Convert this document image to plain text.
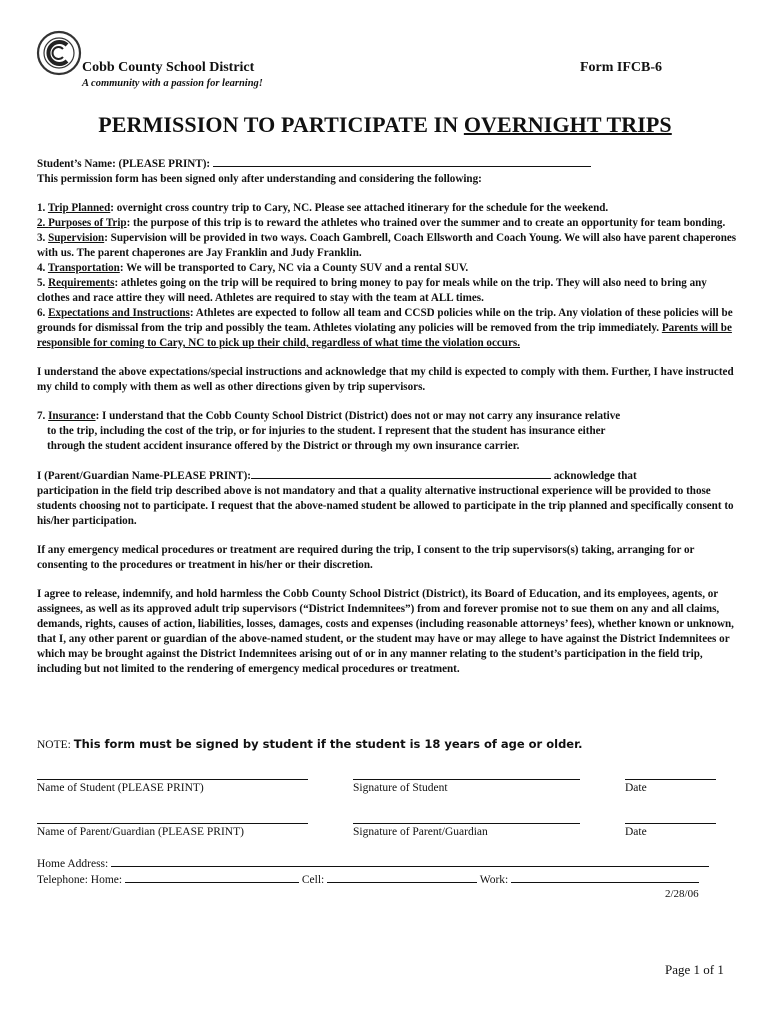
Cobb County School District
A community with a passion for learning!
Form IFCB-6
PERMISSION TO PARTICIPATE IN OVERNIGHT TRIPS

Student’s Name: (PLEASE PRINT):

This permission form has been signed only after understanding and considering the following:

1. Trip Planned: overnight cross country trip to Cary, NC. Please see attached itinerary for the schedule for the weekend.

2. Purposes of Trip: the purpose of this trip is to reward the athletes who trained over the summer and to create an opportunity for team bonding.

3. Supervision: Supervision will be provided in two ways. Coach Gambrell, Coach Ellsworth and Coach Young. We will also have parent chaperones with us. The parent chaperones are Jay Franklin and Judy Franklin.

4. Transportation: We will be transported to Cary, NC via a County SUV and a rental SUV.

5. Requirements: athletes going on the trip will be required to bring money to pay for meals while on the trip. They will also need to bring any clothes and race attire they will need. Athletes are required to stay with the team at ALL times.

6. Expectations and Instructions: Athletes are expected to follow all team and CCSD policies while on the trip. Any violation of these policies will be grounds for dismissal from the trip and possibly the team. Athletes violating any policies will be removed from the trip immediately. Parents will be responsible for coming to Cary, NC to pick up their child, regardless of what time the violation occurs.

I understand the above expectations/special instructions and acknowledge that my child is expected to comply with them. Further, I have instructed my child to comply with them as well as other directions given by trip supervisors.

7. Insurance: I understand that the Cobb County School District (District) does not or may not carry any insurance relative

to the trip, including the cost of the trip, or for injuries to the student. I represent that the student has insurance either

through the student accident insurance offered by the District or through my own insurance carrier.

I (Parent/Guardian Name-PLEASE PRINT):	acknowledge that

participation in the field trip described above is not mandatory and that a quality alternative instructional experience will be provided to those students choosing not to participate. I request that the above-named student be allowed to participate in the trip planned and specifically consent to his/her participation.

If any emergency medical procedures or treatment are required during the trip, I consent to the trip supervisors(s) taking, arranging for or consenting to the procedures or treatment in his/her or their discretion.

I agree to release, indemnify, and hold harmless the Cobb County School District (District), its Board of Education, and its employees, agents, or assignees, as well as its approved adult trip supervisors (“District Indemnitees”) from and forever promise not to sue them on any and all claims, demands, rights, causes of action, liabilities, losses, damages, costs and expenses (including reasonable attorneys’ fees), whether known or unknown, that I, any other parent or guardian of the above-named student, or the student may have or may allege to have against the District Indemnitees or which may be brought against the District Indemnitees arising out of or in any manner relating to the student’s participation in the field trip, including but not limited to the rendering of emergency medical procedures or treatment.

NOTE: This form must be signed by student if the student is 18 years of age or older.
Name of Student (PLEASE PRINT)	Signature of Student	Date
Name of Parent/Guardian (PLEASE PRINT)	Signature of Parent/Guardian	Date
Home Address:
Telephone: Home:	Cell:	Work:
2/28/06
Page 1 of 1
